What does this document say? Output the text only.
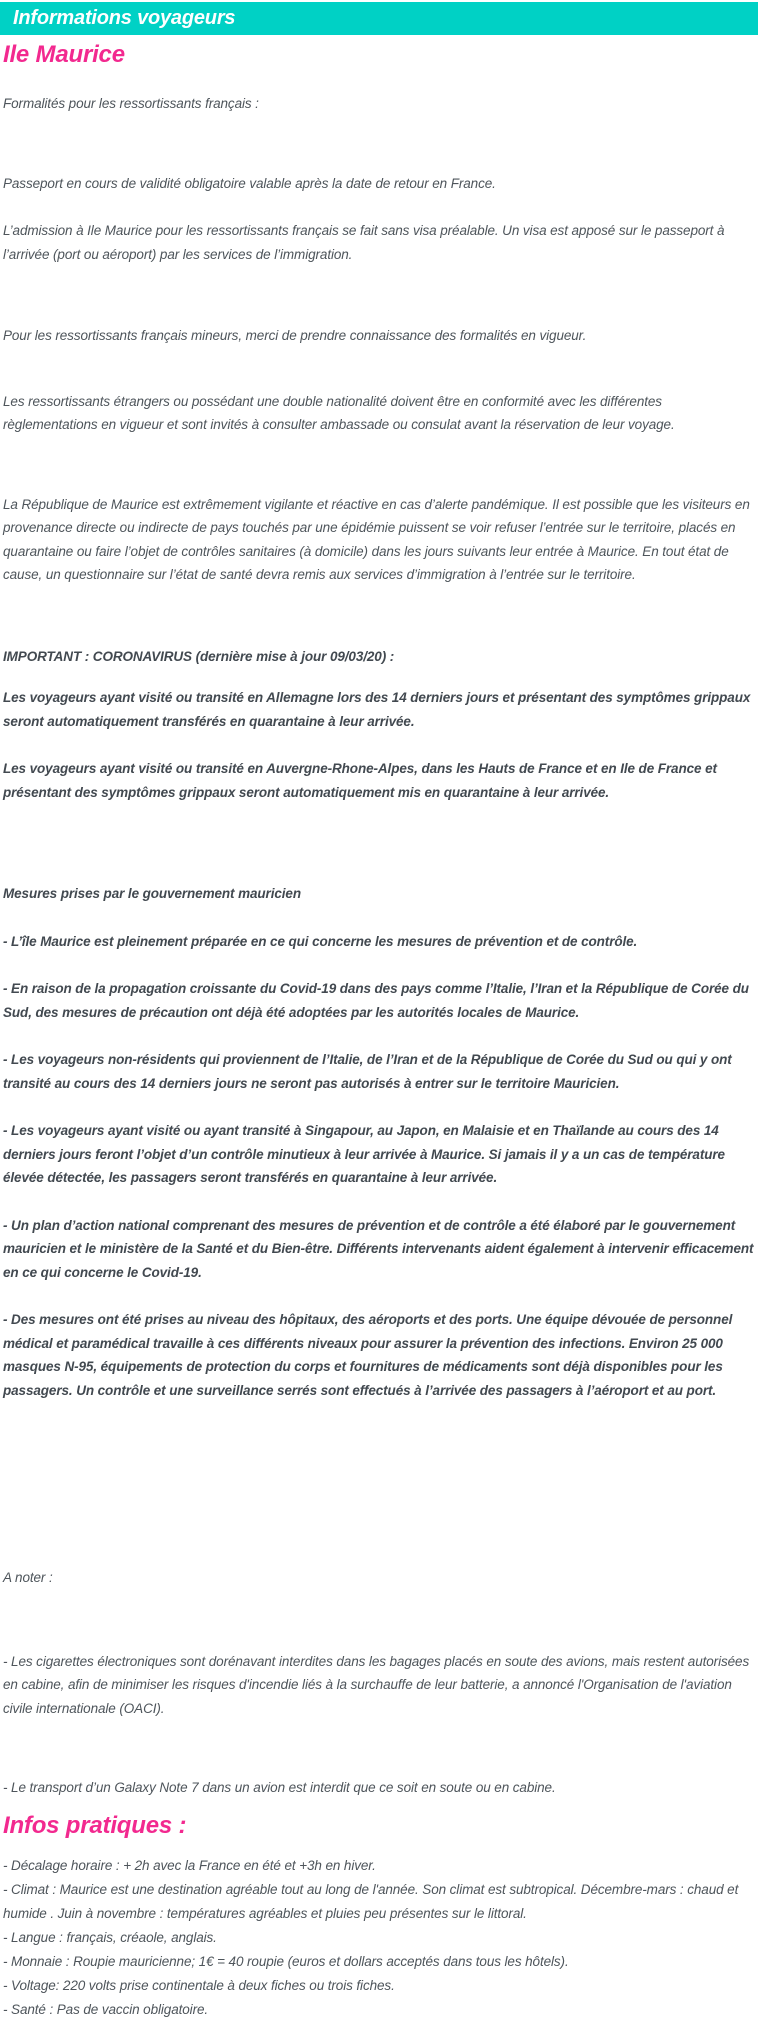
Informations voyageurs
Ile Maurice

Formalités pour les ressortissants français :

Passeport en cours de validité obligatoire valable après la date de retour en France.

L’admission à Ile Maurice pour les ressortissants français se fait sans visa préalable. Un visa est apposé sur le passeport à l’arrivée (port ou aéroport) par les services de l’immigration.

Pour les ressortissants français mineurs, merci de prendre connaissance des formalités en vigueur.

Les ressortissants étrangers ou possédant une double nationalité doivent être en conformité avec les différentes règlementations en vigueur et sont invités à consulter ambassade ou consulat avant la réservation de leur voyage.

La République de Maurice est extrêmement vigilante et réactive en cas d’alerte pandémique. Il est possible que les visiteurs en provenance directe ou indirecte de pays touchés par une épidémie puissent se voir refuser l’entrée sur le territoire, placés en quarantaine ou faire l’objet de contrôles sanitaires (à domicile) dans les jours suivants leur entrée à Maurice. En tout état de cause, un questionnaire sur l’état de santé devra remis aux services d’immigration à l’entrée sur le territoire.

IMPORTANT : CORONAVIRUS (dernière mise à jour 09/03/20) :

Les voyageurs ayant visité ou transité en Allemagne lors des 14 derniers jours et présentant des symptômes grippaux seront automatiquement transférés en quarantaine à leur arrivée.

Les voyageurs ayant visité ou transité en Auvergne-Rhone-Alpes, dans les Hauts de France et en Ile de France et présentant des symptômes grippaux seront automatiquement mis en quarantaine à leur arrivée.

Mesures prises par le gouvernement mauricien

- L’île Maurice est pleinement préparée en ce qui concerne les mesures de prévention et de contrôle.

- En raison de la propagation croissante du Covid-19 dans des pays comme l’Italie, l’Iran et la République de Corée du Sud, des mesures de précaution ont déjà été adoptées par les autorités locales de Maurice.

- Les voyageurs non-résidents qui proviennent de l’Italie, de l’Iran et de la République de Corée du Sud ou qui y ont transité au cours des 14 derniers jours ne seront pas autorisés à entrer sur le territoire Mauricien.

- Les voyageurs ayant visité ou ayant transité à Singapour, au Japon, en Malaisie et en Thaïlande au cours des 14 derniers jours feront l’objet d’un contrôle minutieux à leur arrivée à Maurice. Si jamais il y a un cas de température élevée détectée, les passagers seront transférés en quarantaine à leur arrivée.

- Un plan d’action national comprenant des mesures de prévention et de contrôle a été élaboré par le gouvernement mauricien et le ministère de la Santé et du Bien-être. Différents intervenants aident également à intervenir efficacement en ce qui concerne le Covid-19.

- Des mesures ont été prises au niveau des hôpitaux, des aéroports et des ports. Une équipe dévouée de personnel médical et paramédical travaille à ces différents niveaux pour assurer la prévention des infections. Environ 25 000 masques N-95, équipements de protection du corps et fournitures de médicaments sont déjà disponibles pour les passagers. Un contrôle et une surveillance serrés sont effectués à l’arrivée des passagers à l’aéroport et au port.

A noter :

- Les cigarettes électroniques sont dorénavant interdites dans les bagages placés en soute des avions, mais restent autorisées en cabine, afin de minimiser les risques d'incendie liés à la surchauffe de leur batterie, a annoncé l'Organisation de l'aviation civile internationale (OACI).

- Le transport d’un Galaxy Note 7 dans un avion est interdit que ce soit en soute ou en cabine.

Infos pratiques :

- Décalage horaire : + 2h avec la France en été et +3h en hiver.

- Climat : Maurice est une destination agréable tout au long de l'année. Son climat est subtropical. Décembre-mars : chaud et humide . Juin à novembre : températures agréables et pluies peu présentes sur le littoral.

- Langue : français, créaole, anglais.

- Monnaie : Roupie mauricienne; 1€ = 40 roupie (euros et dollars acceptés dans tous les hôtels).

- Voltage: 220 volts prise continentale à deux fiches ou trois fiches.

- Santé : Pas de vaccin obligatoire.
